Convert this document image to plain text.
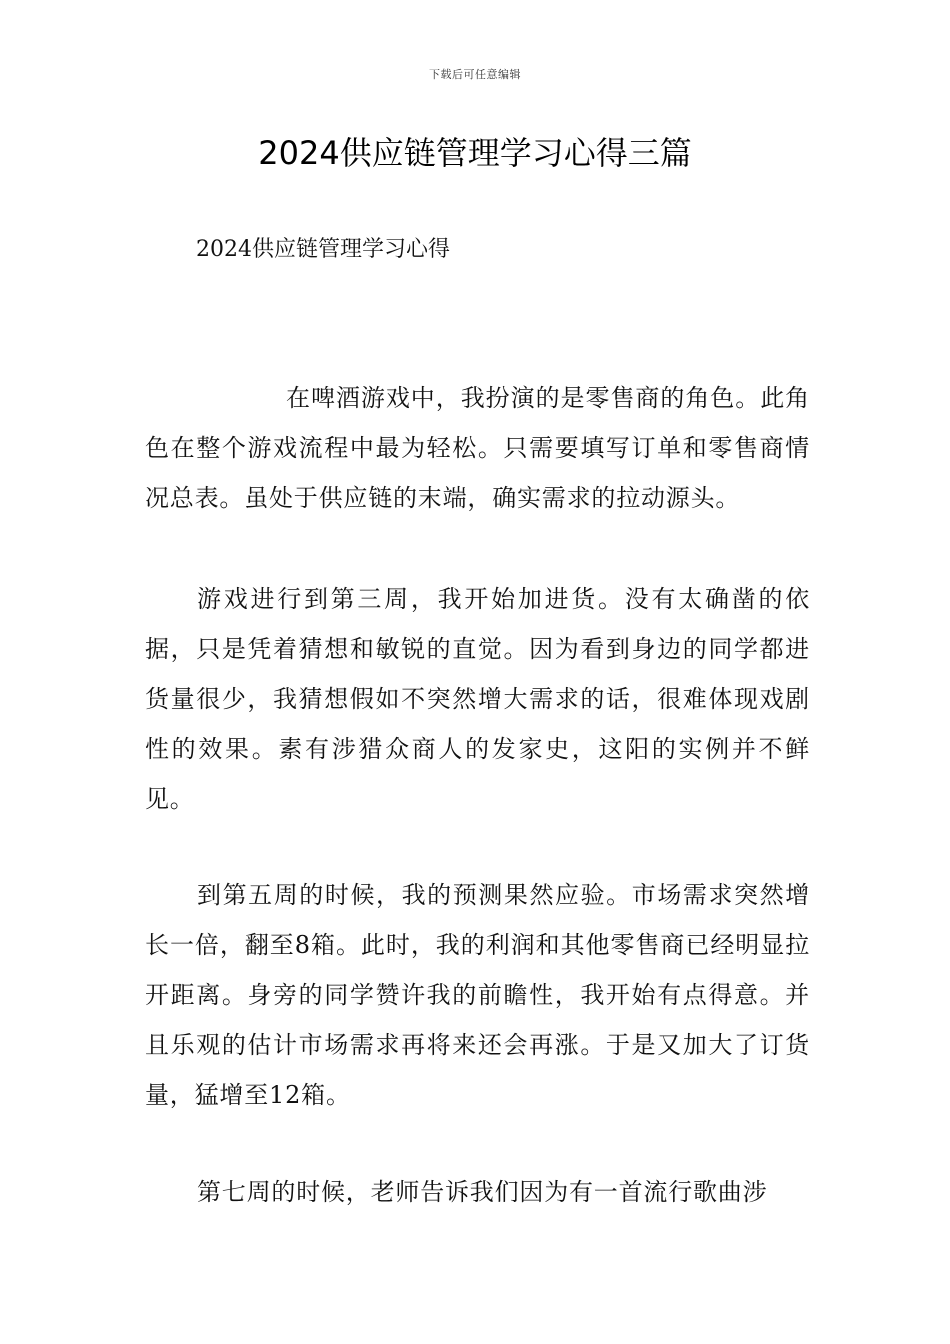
下载后可任意编辑
2024供应链管理学习心得三篇

2024供应链管理学习心得

在啤酒游戏中，我扮演的是零售商的角色。此角色在整个游戏流程中最为轻松。只需要填写订单和零售商情况总表。虽处于供应链的末端，确实需求的拉动源头。

游戏进行到第三周，我开始加进货。没有太确凿的依据，只是凭着猜想和敏锐的直觉。因为看到身边的同学都进货量很少，我猜想假如不突然增大需求的话，很难体现戏剧性的效果。素有涉猎众商人的发家史，这阳的实例并不鲜见。

到第五周的时候，我的预测果然应验。市场需求突然增长一倍，翻至8箱。此时，我的利润和其他零售商已经明显拉开距离。身旁的同学赞许我的前瞻性，我开始有点得意。并且乐观的估计市场需求再将来还会再涨。于是又加大了订货量，猛增至12箱。

第七周的时候，老师告诉我们因为有一首流行歌曲涉
